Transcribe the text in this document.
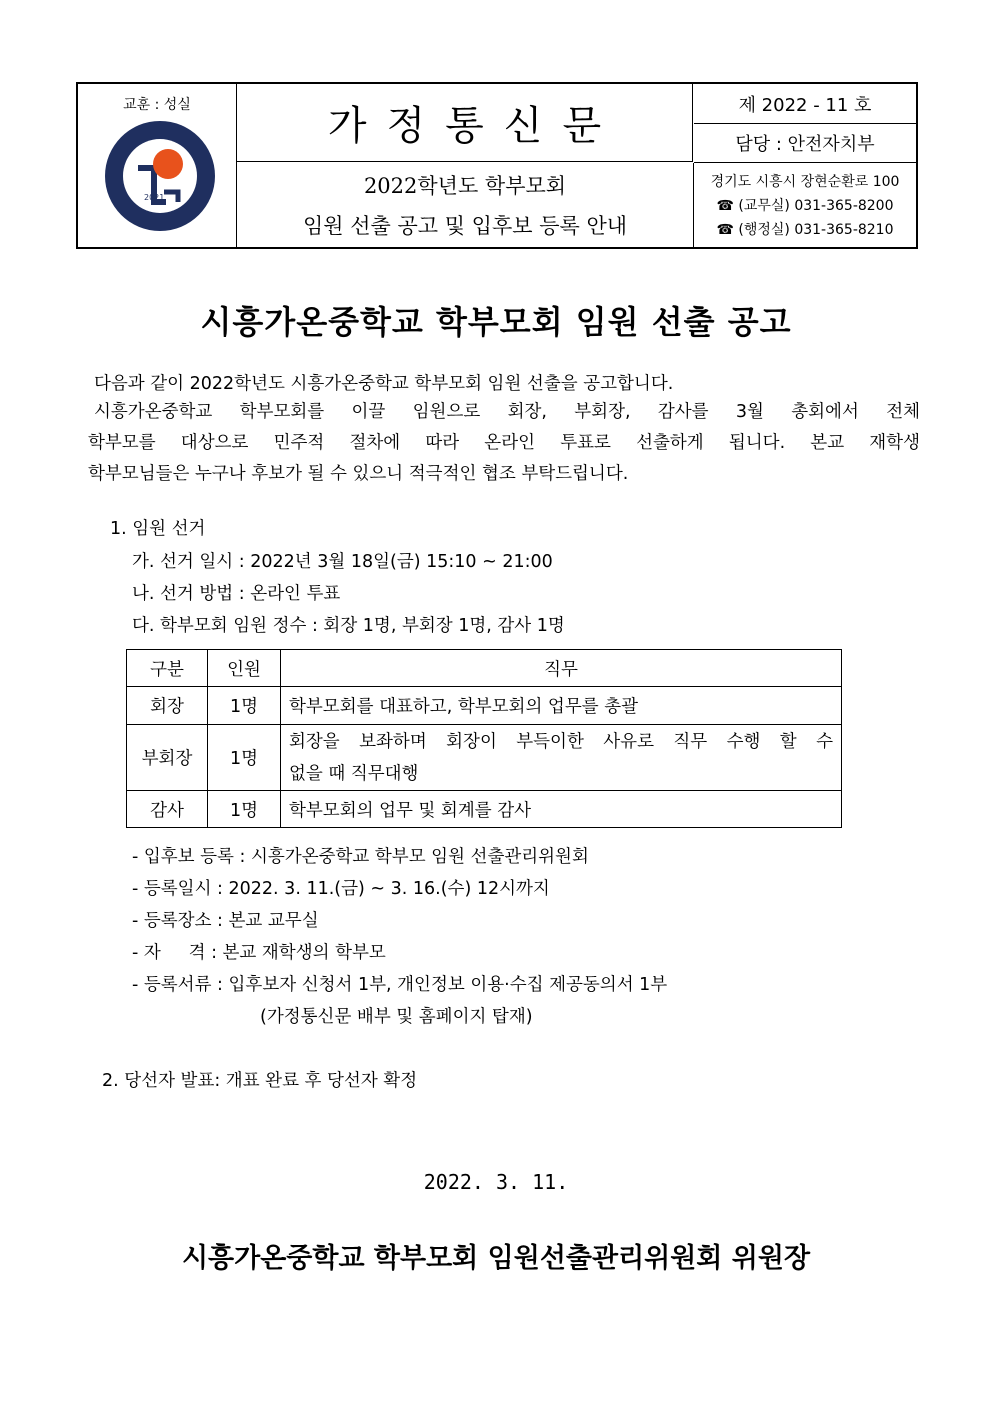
교훈 : 성실
2021
가정통신문
2022학년도 학부모회
임원 선출 공고 및 입후보 등록 안내
제 2022 - 11 호
담당 : 안전자치부
경기도 시흥시 장현순환로 100
☎ (교무실) 031-365-8200
☎ (행정실) 031-365-8210
시흥가온중학교 학부모회 임원 선출 공고
다음과 같이 2022학년도 시흥가온중학교 학부모회 임원 선출을 공고합니다.
시흥가온중학교 학부모회를 이끌 임원으로 회장, 부회장, 감사를 3월 총회에서 전체
학부모를 대상으로 민주적 절차에 따라 온라인 투표로 선출하게 됩니다. 본교 재학생
학부모님들은 누구나 후보가 될 수 있으니 적극적인 협조 부탁드립니다.
1. 임원 선거
가. 선거 일시 : 2022년 3월 18일(금) 15:10 ~ 21:00
나. 선거 방법 : 온라인 투표
다. 학부모회 임원 정수 : 회장 1명, 부회장 1명, 감사 1명
구분	인원	직무
회장	1명	학부모회를 대표하고, 학부모회의 업무를 총괄
부회장	1명	회장을 보좌하며 회장이 부득이한 사유로 직무 수행 할 수
없을 때 직무대행

감사	1명	학부모회의 업무 및 회계를 감사
- 입후보 등록 : 시흥가온중학교 학부모 임원 선출관리위원회
- 등록일시 : 2022. 3. 11.(금) ~ 3. 16.(수) 12시까지
- 등록장소 : 본교 교무실
- 자     격 : 본교 재학생의 학부모
- 등록서류 : 입후보자 신청서 1부, 개인정보 이용·수집 제공동의서 1부
(가정통신문 배부 및 홈페이지 탑재)
2. 당선자 발표: 개표 완료 후 당선자 확정
2022. 3. 11.
시흥가온중학교 학부모회 임원선출관리위원회 위원장
